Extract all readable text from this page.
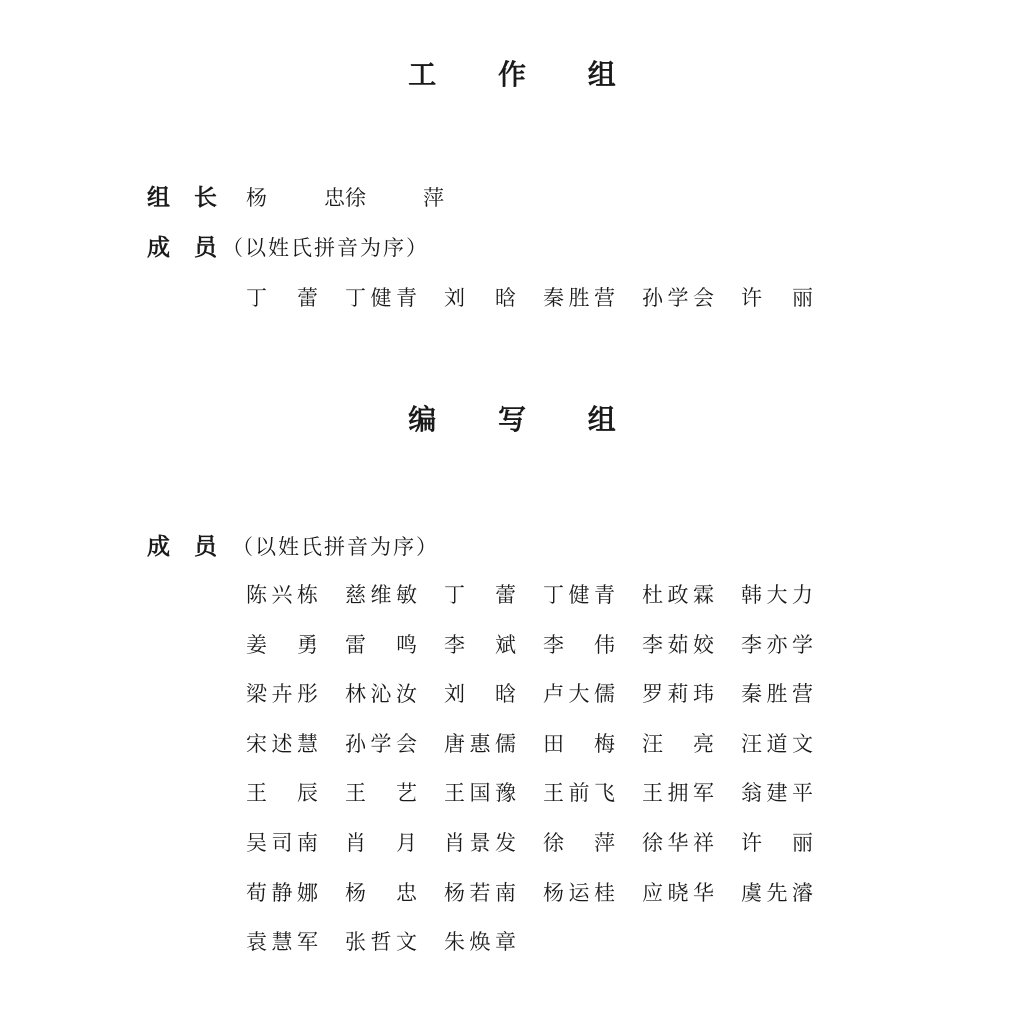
工 作 组
组长 杨	忠 徐	萍
成员
（以姓氏拼音为序）
丁 蕾 丁 健 青 刘 晗 秦 胜 营 孙 学 会 许 丽
编 写 组
成员
（以姓氏拼音为序）
陈 兴 栋 慈 维 敏 丁 蕾 丁 健 青 杜 政 霖 韩 大 力
姜 勇 雷 鸣 李 斌 李 伟 李 茹 姣 李 亦 学
梁 卉 彤 林 沁 汝 刘 晗 卢 大 儒 罗 莉 玮 秦 胜 营
宋 述 慧 孙 学 会 唐 惠 儒 田 梅 汪 亮 汪 道 文
王 辰 王 艺 王 国 豫 王 前 飞 王 拥 军 翁 建 平
吴 司 南 肖 月 肖 景 发 徐 萍 徐 华 祥 许 丽
荀 静 娜 杨 忠 杨 若 南 杨 运 桂 应 晓 华 虞 先 濬
袁 慧 军 张 哲 文 朱 焕 章
